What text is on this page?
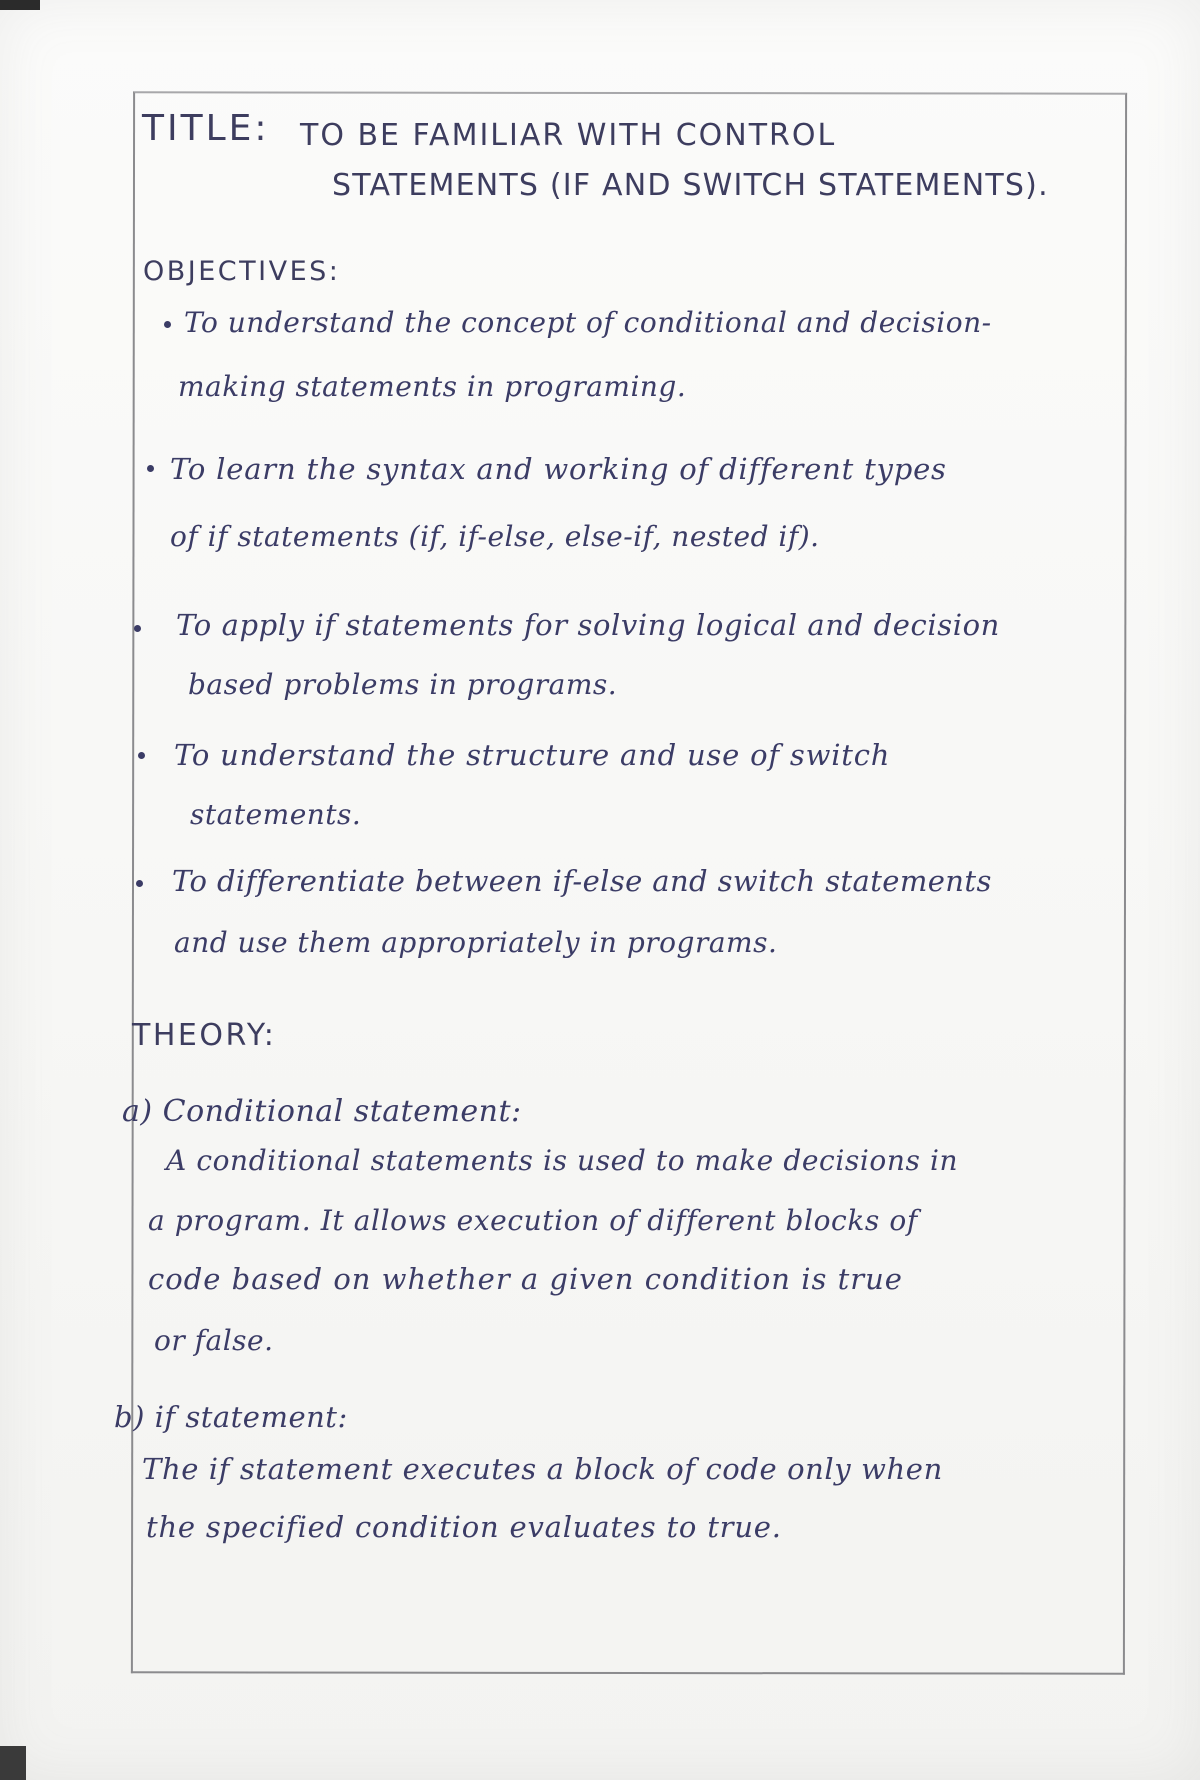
TITLE: TO BE FAMILIAR WITH CONTROL
STATEMENTS (IF AND SWITCH STATEMENTS).
OBJECTIVES:
To understand the concept of conditional and decision-
making statements in programing.
To learn the syntax and working of different types
of if statements (if, if-else, else-if, nested if).
To apply if statements for solving logical and decision
based problems in programs.
To understand the structure and use of switch
statements.
To differentiate between if-else and switch statements
and use them appropriately in programs.
THEORY:
a) Conditional statement:
A conditional statements is used to make decisions in
a program. It allows execution of different blocks of
code based on whether a given condition is true
or false.
b) if statement:
The if statement executes a block of code only when
the specified condition evaluates to true.
